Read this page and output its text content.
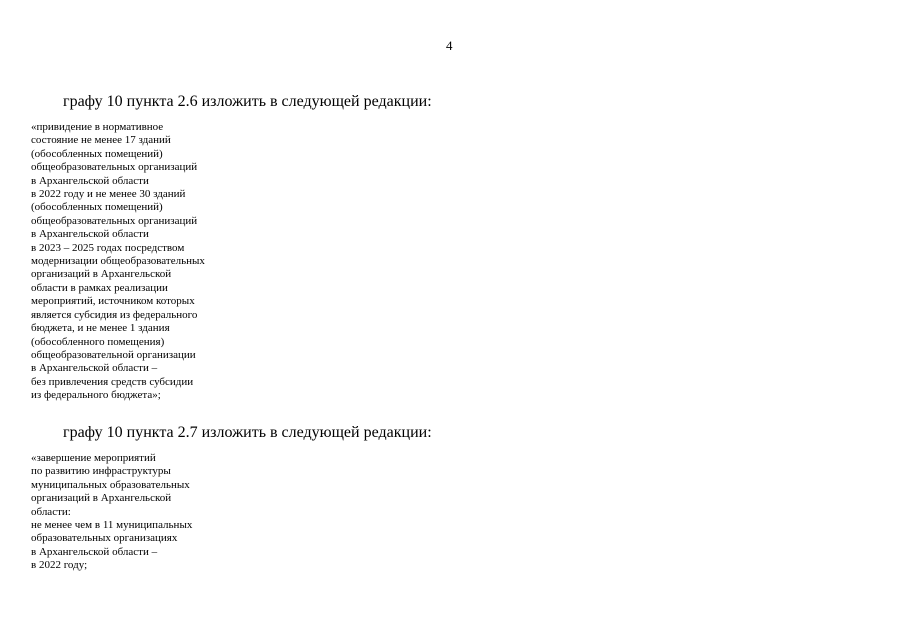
4
графу 10 пункта 2.6 изложить в следующей редакции:
«привидение в нормативное
состояние не менее 17 зданий
(обособленных помещений)
общеобразовательных организаций
в Архангельской области
в 2022 году и не менее 30 зданий
(обособленных помещений)
общеобразовательных организаций
в Архангельской области
в 2023 – 2025 годах посредством
модернизации общеобразовательных
организаций в Архангельской
области в рамках реализации
мероприятий, источником которых
является субсидия из федерального
бюджета, и не менее 1 здания
(обособленного помещения)
общеобразовательной организации
в Архангельской области –
без привлечения средств субсидии
из федерального бюджета»;
графу 10 пункта 2.7 изложить в следующей редакции:
«завершение мероприятий
по развитию инфраструктуры
муниципальных образовательных
организаций в Архангельской
области:
не менее чем в 11 муниципальных
образовательных организациях
в Архангельской области –
в 2022 году;
